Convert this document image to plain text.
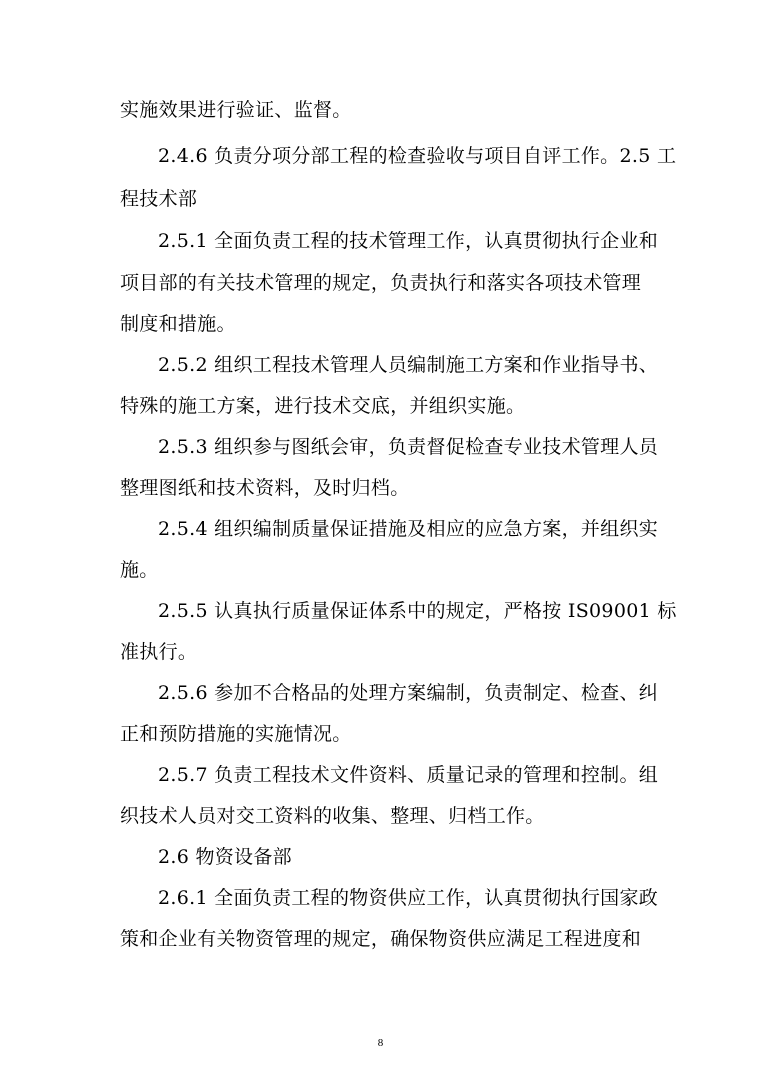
实施效果进行验证、监督。
2.4.6 负责分项分部工程的检查验收与项目自评工作。2.5 工
程技术部
2.5.1 全面负责工程的技术管理工作，认真贯彻执行企业和
项目部的有关技术管理的规定，负责执行和落实各项技术管理
制度和措施。
2.5.2 组织工程技术管理人员编制施工方案和作业指导书、
特殊的施工方案，进行技术交底，并组织实施。
2.5.3 组织参与图纸会审，负责督促检查专业技术管理人员
整理图纸和技术资料，及时归档。
2.5.4 组织编制质量保证措施及相应的应急方案，并组织实
施。
2.5.5 认真执行质量保证体系中的规定，严格按 IS09001 标
准执行。
2.5.6 参加不合格品的处理方案编制，负责制定、检查、纠
正和预防措施的实施情况。
2.5.7 负责工程技术文件资料、质量记录的管理和控制。组
织技术人员对交工资料的收集、整理、归档工作。
2.6 物资设备部
2.6.1 全面负责工程的物资供应工作，认真贯彻执行国家政
策和企业有关物资管理的规定，确保物资供应满足工程进度和
8
